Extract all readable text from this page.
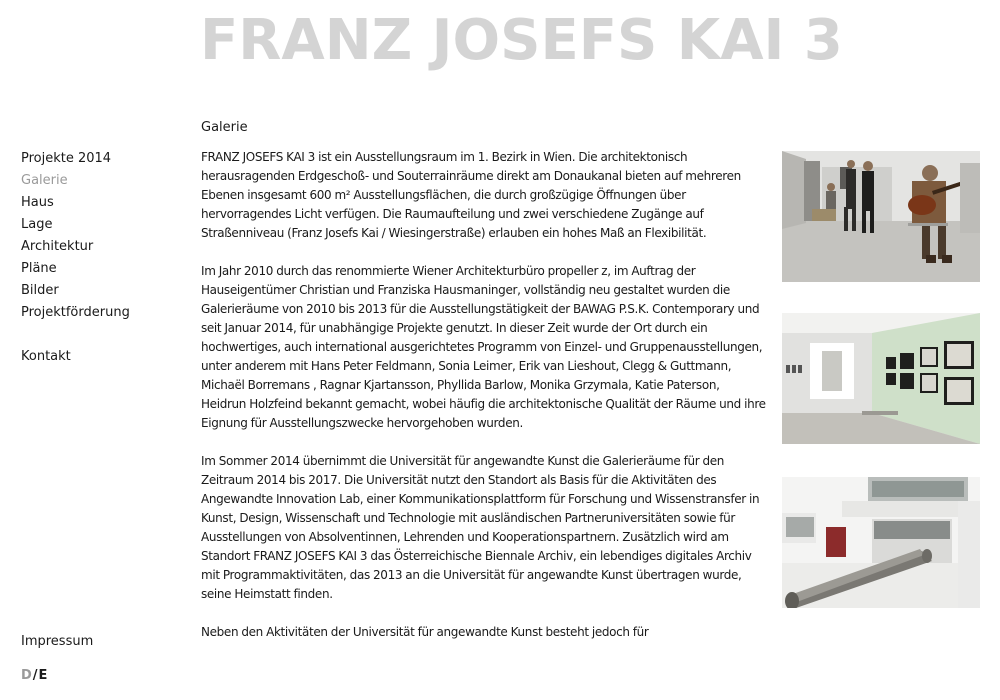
FRANZ JOSEFS KAI 3
Projekte 2014
Galerie
Haus
Lage
Architektur
Pläne
Bilder
Projektförderung
Kontakt
Impressum
D/E
Galerie

FRANZ JOSEFS KAI 3 ist ein Ausstellungsraum im 1. Bezirk in Wien. Die architektonisch herausragenden Erdgeschoß- und Souterrainräume direkt am Donaukanal bieten auf mehreren Ebenen insgesamt 600 m² Ausstellungsflächen, die durch großzügige Öffnungen über hervorragendes Licht verfügen. Die Raumaufteilung und zwei verschiedene Zugänge auf Straßenniveau (Franz Josefs Kai / Wiesingerstraße) erlauben ein hohes Maß an Flexibilität.

Im Jahr 2010 durch das renommierte Wiener Architekturbüro propeller z, im Auftrag der Hauseigentümer Christian und Franziska Hausmaninger, vollständig neu gestaltet wurden die Galerieräume von 2010 bis 2013 für die Ausstellungstätigkeit der BAWAG P.S.K. Contemporary und seit Januar 2014, für unabhängige Projekte genutzt. In dieser Zeit wurde der Ort durch ein hochwertiges, auch international ausgerichtetes Programm von Einzel- und Gruppenausstellungen, unter anderem mit Hans Peter Feldmann, Sonia Leimer, Erik van Lieshout, Clegg & Guttmann, Michaël Borremans , Ragnar Kjartansson, Phyllida Barlow, Monika Grzymala, Katie Paterson, Heidrun Holzfeind bekannt gemacht, wobei häufig die architektonische Qualität der Räume und ihre Eignung für Ausstellungszwecke hervorgehoben wurden.

Im Sommer 2014 übernimmt die Universität für angewandte Kunst die Galerieräume für den Zeitraum 2014 bis 2017. Die Universität nutzt den Standort als Basis für die Aktivitäten des Angewandte Innovation Lab, einer Kommunikationsplattform für Forschung und Wissenstransfer in Kunst, Design, Wissenschaft und Technologie mit ausländischen Partneruniversitäten sowie für Ausstellungen von Absolventinnen, Lehrenden und Kooperationspartnern. Zusätzlich wird am Standort FRANZ JOSEFS KAI 3 das Österreichische Biennale Archiv, ein lebendiges digitales Archiv mit Programmaktivitäten, das 2013 an die Universität für angewandte Kunst übertragen wurde, seine Heimstatt finden.

Neben den Aktivitäten der Universität für angewandte Kunst besteht jedoch für
